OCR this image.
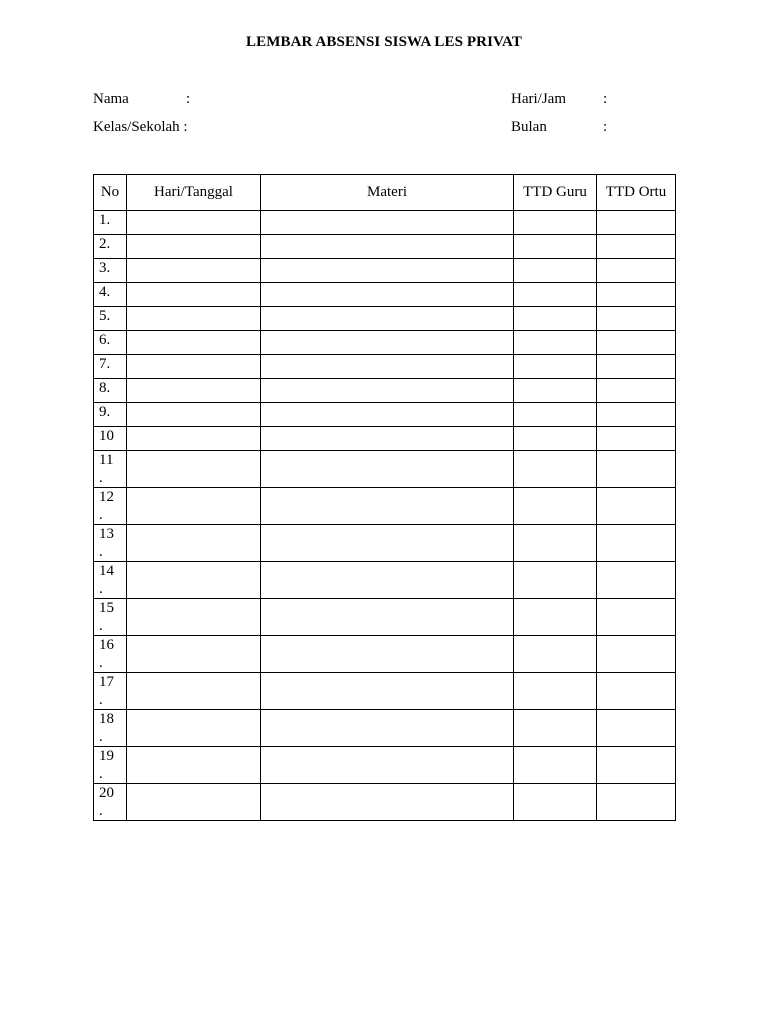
LEMBAR ABSENSI SISWA LES PRIVAT
Nama	:
Kelas/Sekolah :
Hari/Jam :
Bulan	:
No	Hari/Tanggal	Materi	TTD Guru	TTD Ortu

1.				

2.				

3.				

4.				

5.				

6.				

7.				

8.				

9.				

10				

11
.				

12
.				

13
.				

14
.				

15
.				

16
.				

17
.				

18
.				

19
.				

20
.				
